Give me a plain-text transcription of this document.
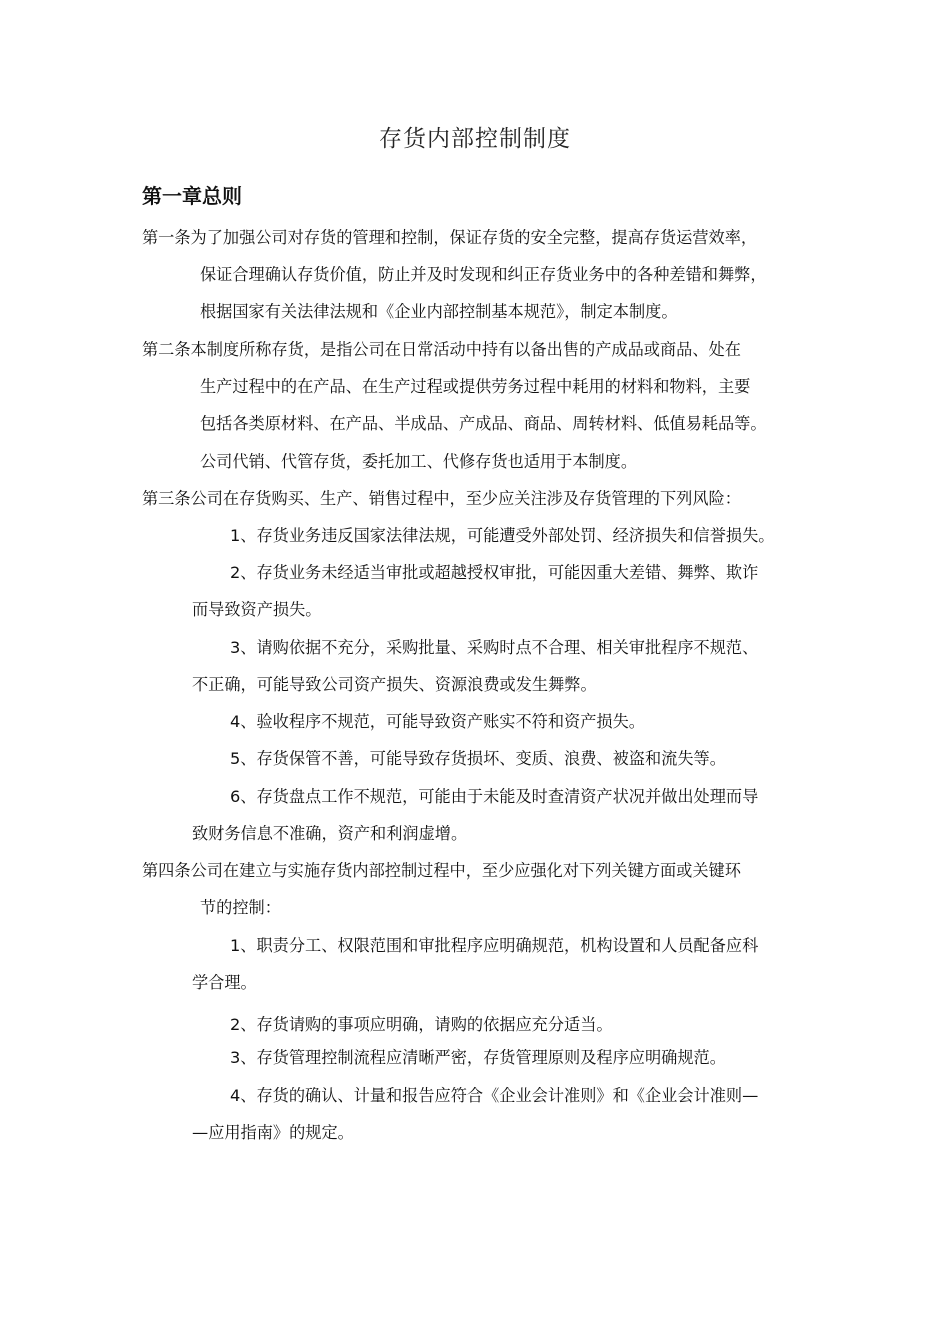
存货内部控制制度
第一章总则
第一条为了加强公司对存货的管理和控制，保证存货的安全完整，提高存货运营效率，
保证合理确认存货价值，防止并及时发现和纠正存货业务中的各种差错和舞弊，
根据国家有关法律法规和《企业内部控制基本规范》，制定本制度。
第二条本制度所称存货，是指公司在日常活动中持有以备出售的产成品或商品、处在
生产过程中的在产品、在生产过程或提供劳务过程中耗用的材料和物料，主要
包括各类原材料、在产品、半成品、产成品、商品、周转材料、低值易耗品等。
公司代销、代管存货，委托加工、代修存货也适用于本制度。
第三条公司在存货购买、生产、销售过程中，至少应关注涉及存货管理的下列风险：
1、存货业务违反国家法律法规，可能遭受外部处罚、经济损失和信誉损失。
2、存货业务未经适当审批或超越授权审批，可能因重大差错、舞弊、欺诈
而导致资产损失。
3、请购依据不充分，采购批量、采购时点不合理、相关审批程序不规范、
不正确，可能导致公司资产损失、资源浪费或发生舞弊。
4、验收程序不规范，可能导致资产账实不符和资产损失。
5、存货保管不善，可能导致存货损坏、变质、浪费、被盗和流失等。
6、存货盘点工作不规范，可能由于未能及时查清资产状况并做出处理而导
致财务信息不准确，资产和利润虚增。
第四条公司在建立与实施存货内部控制过程中，至少应强化对下列关键方面或关键环
节的控制：
1、职责分工、权限范围和审批程序应明确规范，机构设置和人员配备应科
学合理。
2、存货请购的事项应明确，请购的依据应充分适当。
3、存货管理控制流程应清晰严密，存货管理原则及程序应明确规范。
4、存货的确认、计量和报告应符合《企业会计准则》和《企业会计准则—
—应用指南》的规定。
